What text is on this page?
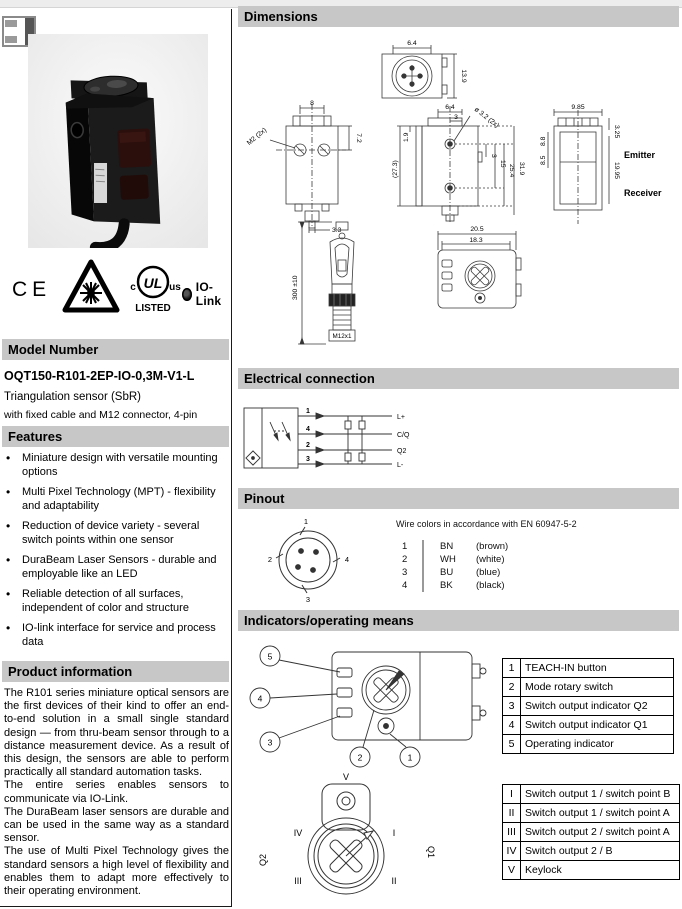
CE	UL
c	us
LISTED
IO-Link
Model Number
OQT150-R101-2EP-IO-0,3M-V1-L
Triangulation sensor (SbR)
with fixed cable and M12 connector, 4-pin
Features
• Miniature design with versatile mounting options
• Multi Pixel Technology (MPT) - flexibility and adaptability
• Reduction of device variety - several switch points within one sensor
• DuraBeam Laser Sensors - durable and employable like an LED
• Reliable detection of all surfaces, independent of color and structure
• IO-link interface for service and process data
Product information

The R101 series miniature optical sensors are the first devices of their kind to offer an end-to-end solution in a small single standard design — from thru-beam sensor through to a distance measurement device. As a result of this design, the sensors are able to perform practically all standard automation tasks.

The entire series enables sensors to communicate via IO-Link.

The DuraBeam laser sensors are durable and can be used in the same way as a standard sensor.

The use of Multi Pixel Technology gives the standard sensors a high level of flexibility and enables them to adapt more effectively to their operating environment.

Dimensions
6.4
13.9
8
7.2
M2 (2x)
3.3
6.4
3 ø 3.2 (2x)
1.9
(27.3)
3
15
25.4 31.9
9.85
3.25
8.8
8.5
19.95
Emitter
Receiver
300 ±10
M12x1
20.5
18.3
Electrical connection
1
4
2
3
L+
C/Q
Q2
L-
Pinout
1
2	4
3
Wire colors in accordance with EN 60947-5-2
1	BN	(brown)
2	WH	(white)
3	BU	(blue)
4	BK	(black)
Indicators/operating means
5
4
3
2	1
1	TEACH-IN button
2	Mode rotary switch
3	Switch output indicator Q2
4	Switch output indicator Q1
5	Operating indicator
V
IV	I
III	II
Q2
Q1
I	Switch output 1 / switch point B
II	Switch output 1 / switch point A
III	Switch output 2 / switch point A
IV	Switch output 2 / B
V	Keylock
